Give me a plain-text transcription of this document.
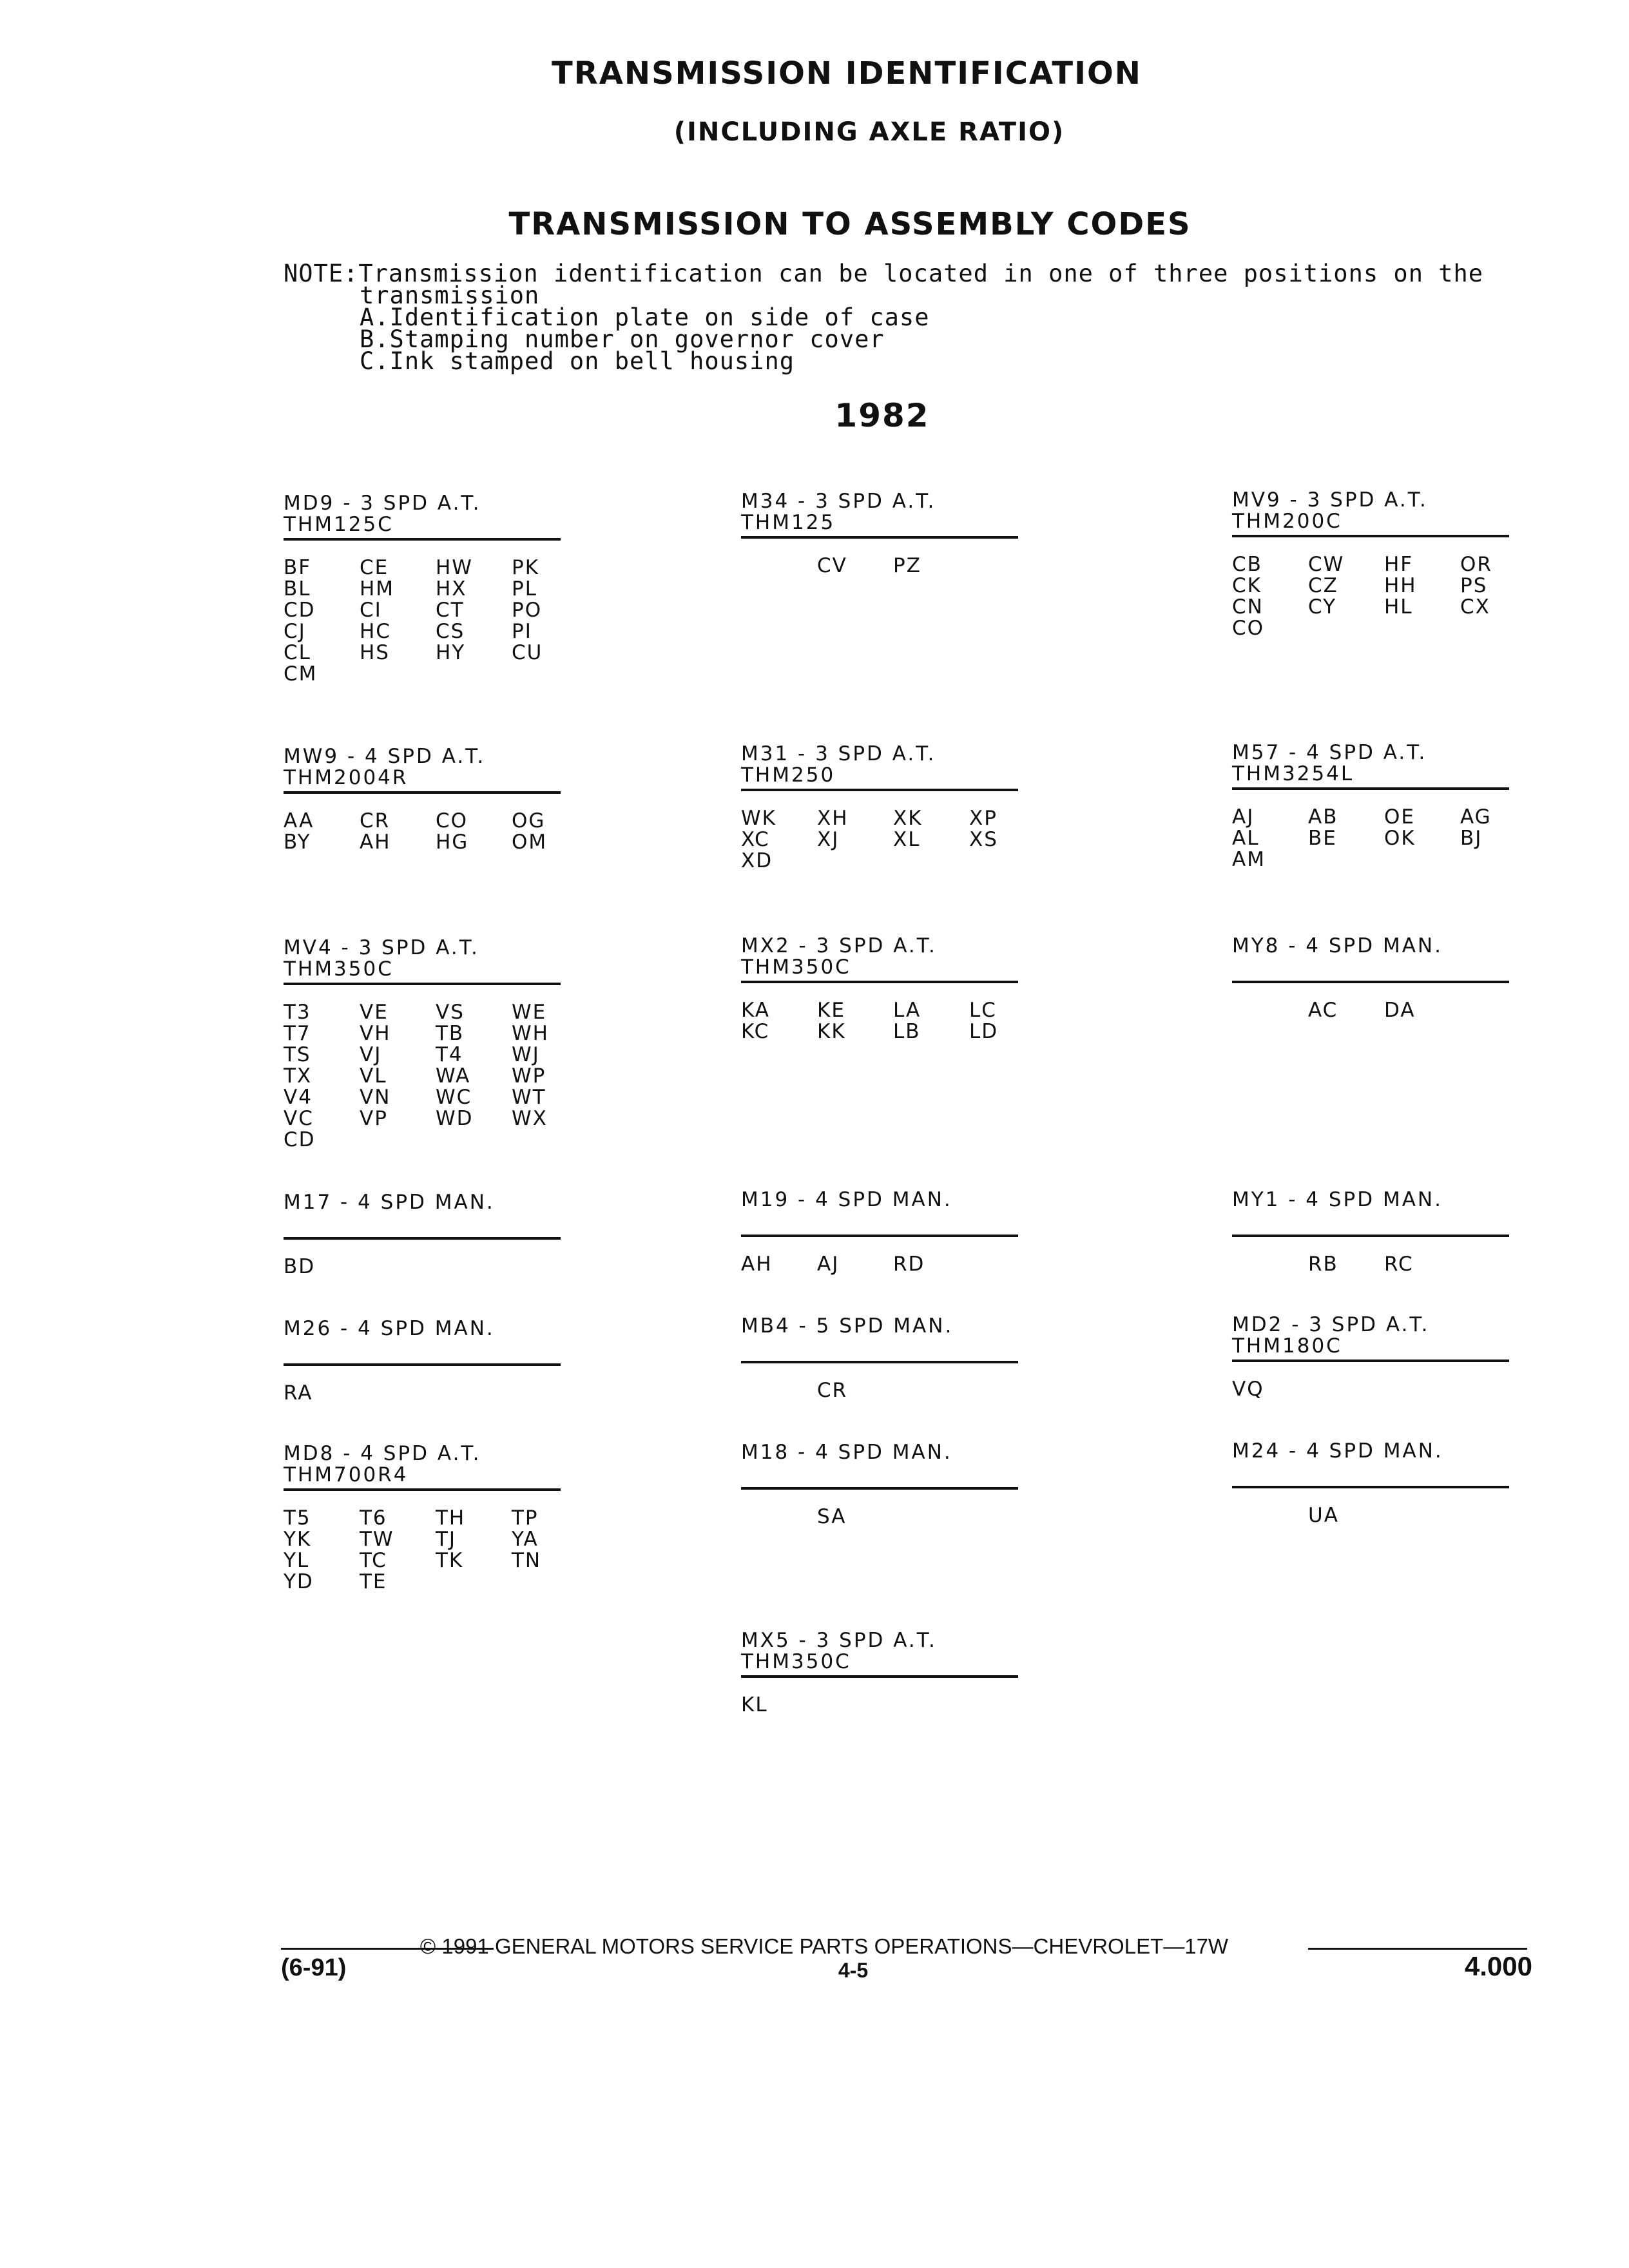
TRANSMISSION IDENTIFICATION
(INCLUDING AXLE RATIO)
TRANSMISSION TO ASSEMBLY CODES
NOTE:Transmission identification can be located in one of three positions on the
transmission
A.Identification plate on side of case
B.Stamping number on governor cover
C.Ink stamped on bell housing
1982
MD9 - 3 SPD A.T.
THM125C
BF	CE	HW	PK
BL	HM	HX	PL
CD	CI	CT	PO
CJ	HC	CS	PI
CL	HS	HY	CU
CM
M34 - 3 SPD A.T.
THM125
CV	PZ
MV9 - 3 SPD A.T.
THM200C
CB	CW	HF	OR
CK	CZ	HH	PS
CN	CY	HL	CX
CO
MW9 - 4 SPD A.T.
THM2004R
AA	CR	CO	OG
BY	AH	HG	OM
M31 - 3 SPD A.T.
THM250
WK	XH	XK	XP
XC	XJ	XL	XS
XD
M57 - 4 SPD A.T.
THM3254L
AJ	AB	OE	AG
AL	BE	OK	BJ
AM
MV4 - 3 SPD A.T.
THM350C
T3	VE	VS	WE
T7	VH	TB	WH
TS	VJ	T4	WJ
TX	VL	WA	WP
V4	VN	WC	WT
VC	VP	WD	WX
CD
MX2 - 3 SPD A.T.
THM350C
KA	KE	LA	LC
KC	KK	LB	LD
MY8 - 4 SPD MAN.

AC	DA
M17 - 4 SPD MAN.

BD
M19 - 4 SPD MAN.

AH	AJ	RD
MY1 - 4 SPD MAN.

RB	RC
M26 - 4 SPD MAN.

RA
MB4 - 5 SPD MAN.

CR
MD2 - 3 SPD A.T.
THM180C
VQ
MD8 - 4 SPD A.T.
THM700R4
T5	T6	TH	TP
YK	TW	TJ	YA
YL	TC	TK	TN
YD	TE
M18 - 4 SPD MAN.

SA
M24 - 4 SPD MAN.

UA
MX5 - 3 SPD A.T.
THM350C
KL
© 1991 GENERAL MOTORS SERVICE PARTS OPERATIONS—CHEVROLET—17W
(6-91)	4-5	4.000
